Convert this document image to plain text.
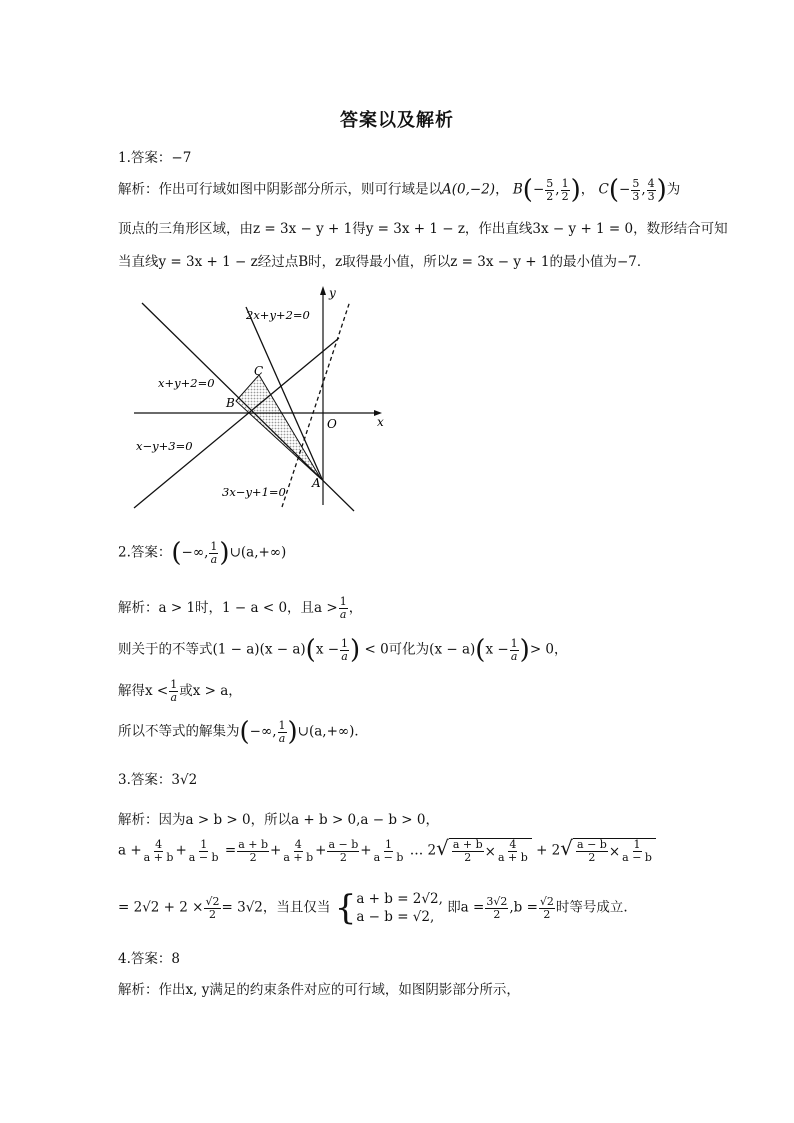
答案以及解析
1.答案：−7
解析：作出可行域如图中阴影部分所示，则可行域是以A(0,−2)， $B(- \frac{5}{2}$ , $\frac{1}{2}$ )， $C(- \frac{5}{3}$ , $\frac{4}{3}$ )为
顶点的三角形区域，由z = 3x − y + 1得y = 3x + 1 − z，作出直线3x − y + 1 = 0，数形结合可知
当直线y = 3x + 1 − z经过点B时，z取得最小值，所以z = 3x − y + 1的最小值为−7．
2x+y+2=0
x+y+2=0
x−y+3=0
3x−y+1=0
C
B
A
O	x
y
2.答案：(−∞, $\frac{1}{a}$ )∪(a,+∞)
解析：a > 1时，1 − a < 0，且$a > \frac{1}{a}$ ，
则关于的不等式$(1 - a)(x - a)(x - \frac{1}{a}$ ) < 0可化为$(x - a)(x - \frac{1}{a}$ )> 0，
解得$x < \frac{1}{a}$ 或x > a，
所以不等式的解集为(−∞, $\frac{1}{a}$ )∪(a,+∞)．
3.答案：3√2
解析：因为a > b > 0，所以a + b > 0,a − b > 0，
$a + \frac{4}{a + b} + \frac{1}{a - b} = \frac{a + b}{2} + \frac{4}{a + b} + \frac{a - b}{2} + \frac{1}{a - b}$ … 2 √ $\frac{a + b}{2} \times \frac{4}{a + b} + 2$ √ $\frac{a - b}{2} \times \frac{1}{a - b}$
= $2√2 + 2 \times \frac{√2}{2} = 3√2$，当且仅当 { a + b = 2√2,
a − b = √2,
即$a = \frac{3√2}{2} ,b = \frac{√2}{2}$ 时等号成立.
4.答案：8
解析：作出x, y满足的约束条件对应的可行域，如图阴影部分所示，
